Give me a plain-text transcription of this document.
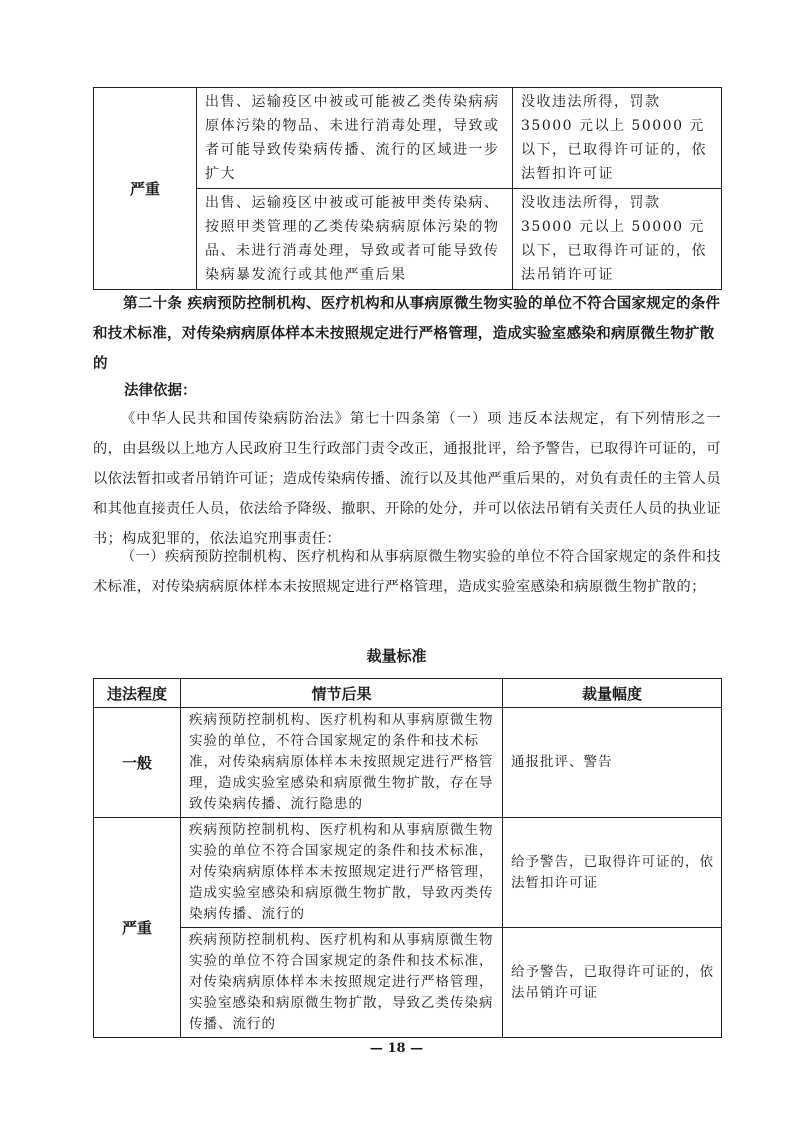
严重	出售、运输疫区中被或可能被乙类传染病病原体污染的物品、未进行消毒处理，导致或者可能导致传染病传播、流行的区域进一步扩大	没收违法所得，罚款 35000 元以上 50000 元以下，已取得许可证的，依法暂扣许可证
	出售、运输疫区中被或可能被甲类传染病、按照甲类管理的乙类传染病病原体污染的物品、未进行消毒处理，导致或者可能导致传染病暴发流行或其他严重后果	没收违法所得，罚款 35000 元以上 50000 元以下，已取得许可证的，依法吊销许可证
第二十条 疾病预防控制机构、医疗机构和从事病原微生物实验的单位不符合国家规定的条件和技术标准，对传染病病原体样本未按照规定进行严格管理，造成实验室感染和病原微生物扩散的
法律依据：
《中华人民共和国传染病防治法》第七十四条第（一）项 违反本法规定，有下列情形之一的，由县级以上地方人民政府卫生行政部门责令改正，通报批评，给予警告，已取得许可证的，可以依法暂扣或者吊销许可证；造成传染病传播、流行以及其他严重后果的，对负有责任的主管人员和其他直接责任人员，依法给予降级、撤职、开除的处分，并可以依法吊销有关责任人员的执业证书；构成犯罪的，依法追究刑事责任：
（一）疾病预防控制机构、医疗机构和从事病原微生物实验的单位不符合国家规定的条件和技术标准，对传染病病原体样本未按照规定进行严格管理，造成实验室感染和病原微生物扩散的；
裁量标准
违法程度	情节后果	裁量幅度
一般	疾病预防控制机构、医疗机构和从事病原微生物实验的单位，不符合国家规定的条件和技术标准，对传染病病原体样本未按照规定进行严格管理，造成实验室感染和病原微生物扩散，存在导致传染病传播、流行隐患的	通报批评、警告
严重	疾病预防控制机构、医疗机构和从事病原微生物实验的单位不符合国家规定的条件和技术标准，对传染病病原体样本未按照规定进行严格管理，造成实验室感染和病原微生物扩散，导致丙类传染病传播、流行的	给予警告，已取得许可证的，依法暂扣许可证
	疾病预防控制机构、医疗机构和从事病原微生物实验的单位不符合国家规定的条件和技术标准，对传染病病原体样本未按照规定进行严格管理，实验室感染和病原微生物扩散，导致乙类传染病传播、流行的	给予警告，已取得许可证的，依法吊销许可证
— 18 —
